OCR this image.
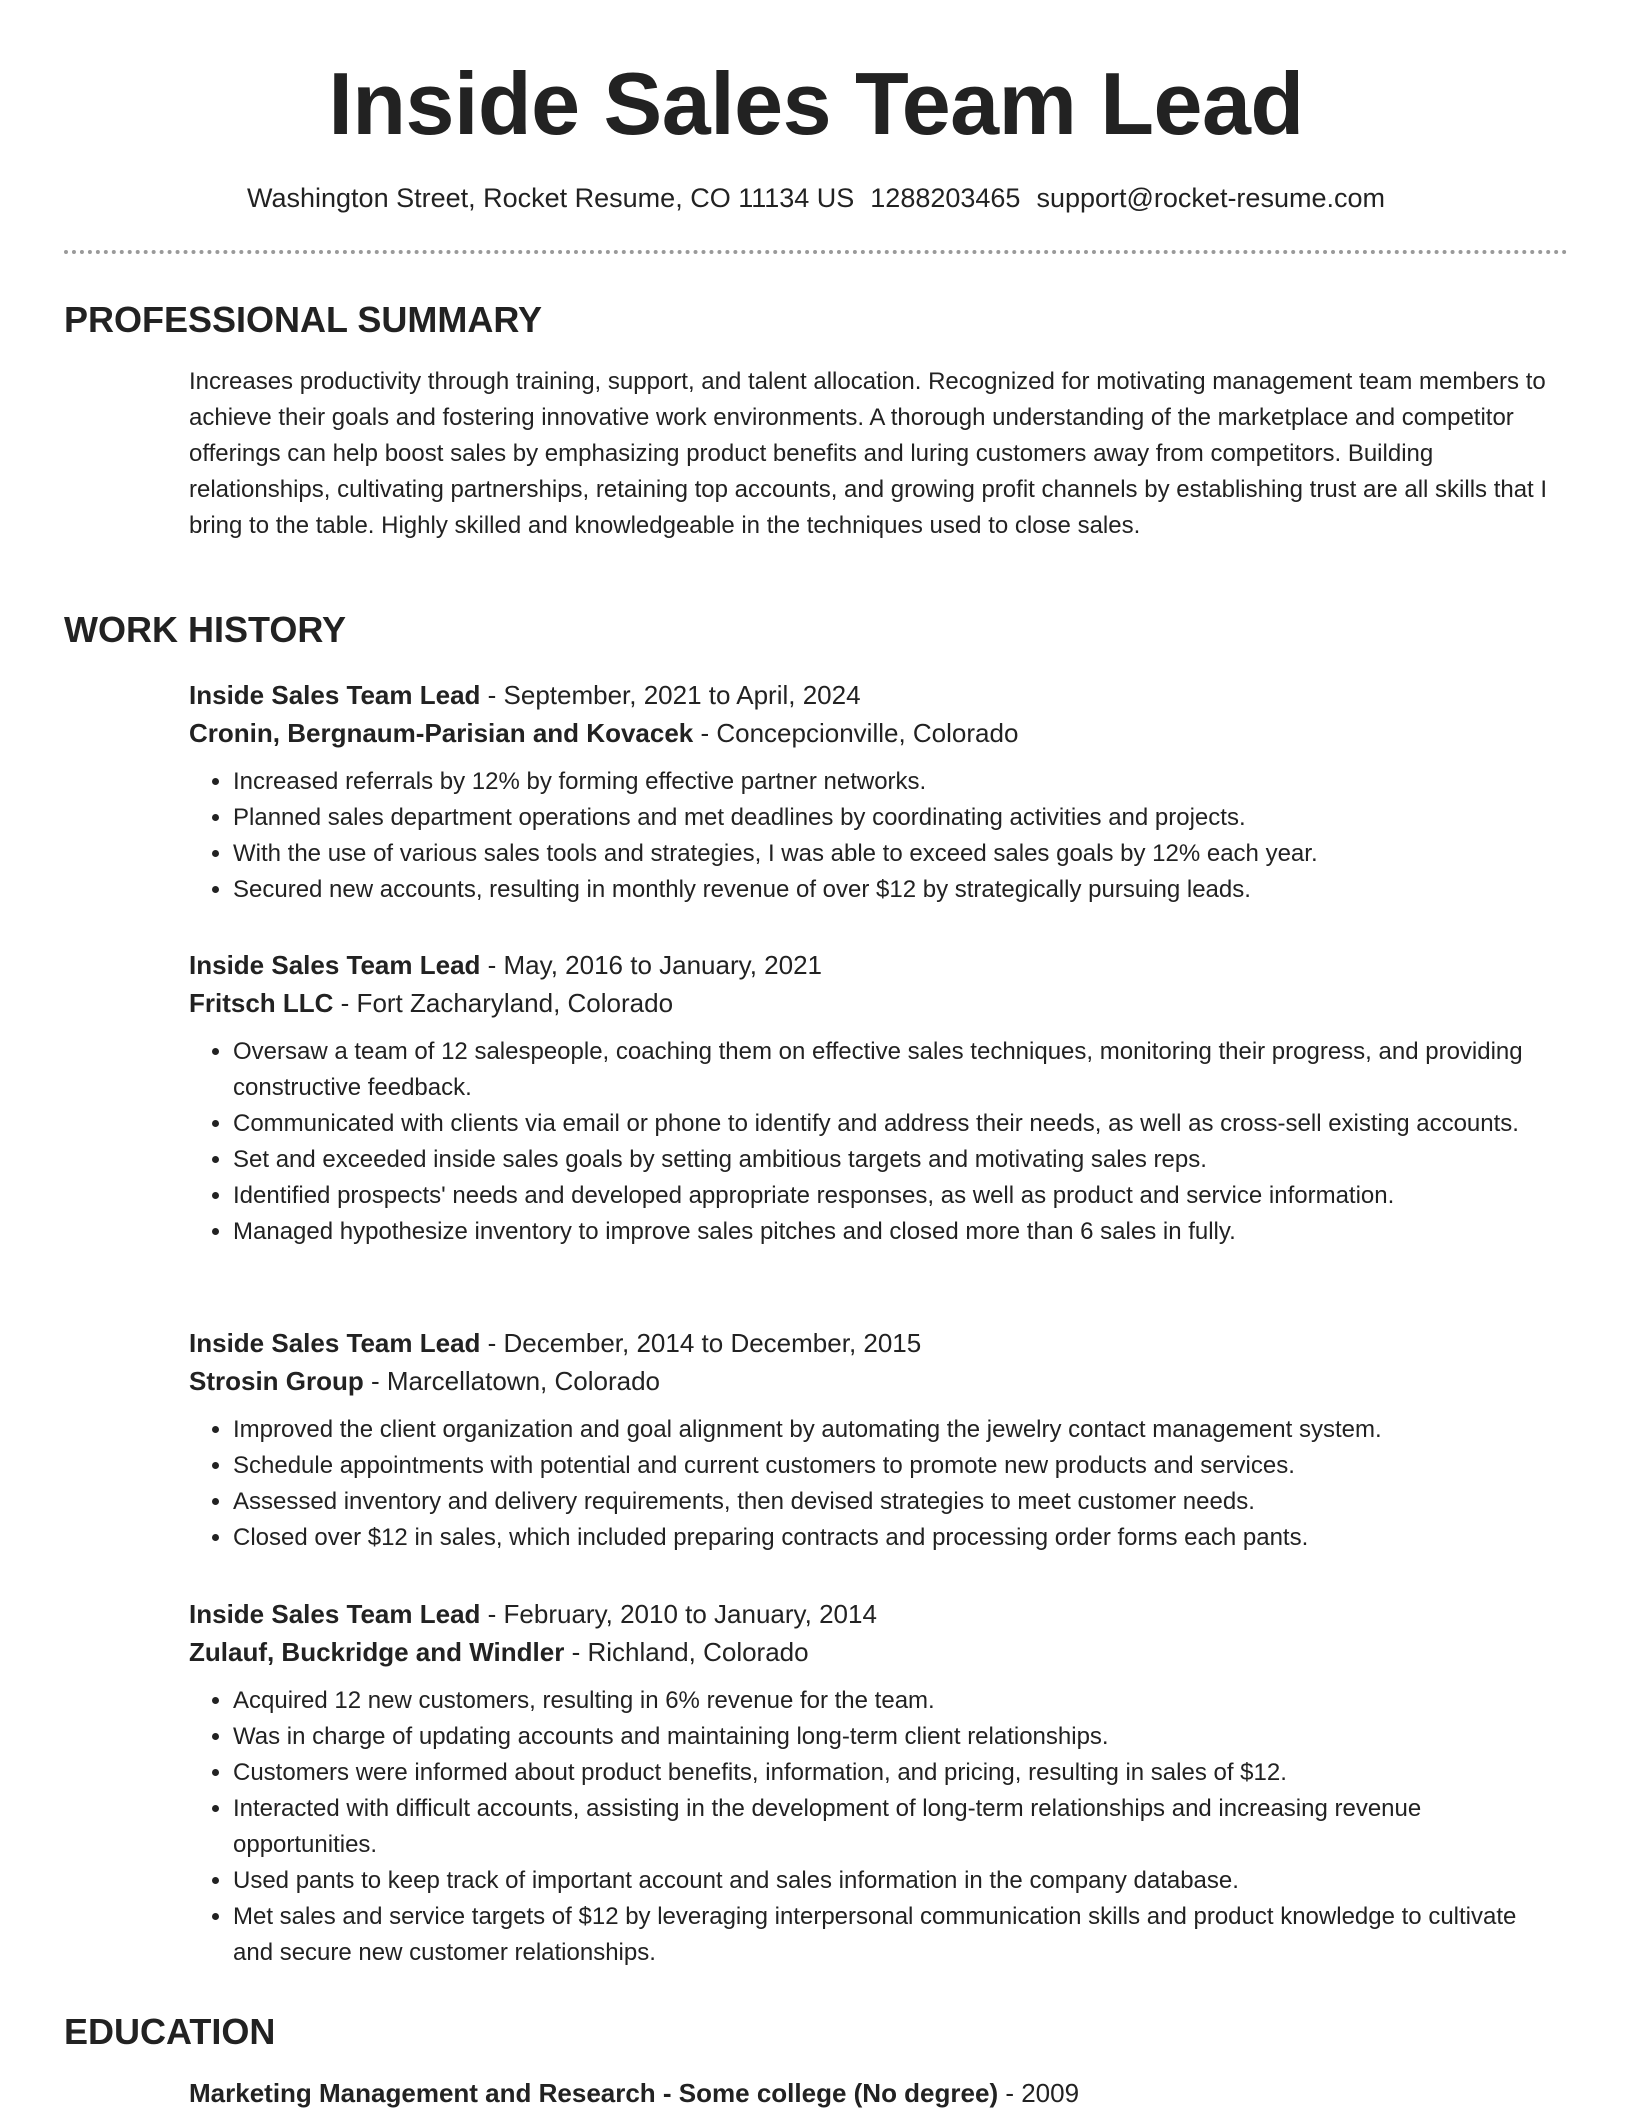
Inside Sales Team Lead
Washington Street, Rocket Resume, CO 11134 US 1288203465 support@rocket-resume.com
PROFESSIONAL SUMMARY

Increases productivity through training, support, and talent allocation. Recognized for motivating management team members to achieve their goals and fostering innovative work environments. A thorough understanding of the marketplace and competitor offerings can help boost sales by emphasizing product benefits and luring customers away from competitors. Building relationships, cultivating partnerships, retaining top accounts, and growing profit channels by establishing trust are all skills that I bring to the table. Highly skilled and knowledgeable in the techniques used to close sales.

WORK HISTORY

Inside Sales Team Lead - September, 2021 to April, 2024

Cronin, Bergnaum-Parisian and Kovacek - Concepcionville, Colorado

• Increased referrals by 12% by forming effective partner networks.
• Planned sales department operations and met deadlines by coordinating activities and projects.
• With the use of various sales tools and strategies, I was able to exceed sales goals by 12% each year.
• Secured new accounts, resulting in monthly revenue of over $12 by strategically pursuing leads.

Inside Sales Team Lead - May, 2016 to January, 2021

Fritsch LLC - Fort Zacharyland, Colorado

• Oversaw a team of 12 salespeople, coaching them on effective sales techniques, monitoring their progress, and providing constructive feedback.
• Communicated with clients via email or phone to identify and address their needs, as well as cross-sell existing accounts.
• Set and exceeded inside sales goals by setting ambitious targets and motivating sales reps.
• Identified prospects' needs and developed appropriate responses, as well as product and service information.
• Managed hypothesize inventory to improve sales pitches and closed more than 6 sales in fully.

Inside Sales Team Lead - December, 2014 to December, 2015

Strosin Group - Marcellatown, Colorado

• Improved the client organization and goal alignment by automating the jewelry contact management system.
• Schedule appointments with potential and current customers to promote new products and services.
• Assessed inventory and delivery requirements, then devised strategies to meet customer needs.
• Closed over $12 in sales, which included preparing contracts and processing order forms each pants.

Inside Sales Team Lead - February, 2010 to January, 2014

Zulauf, Buckridge and Windler - Richland, Colorado

• Acquired 12 new customers, resulting in 6% revenue for the team.
• Was in charge of updating accounts and maintaining long-term client relationships.
• Customers were informed about product benefits, information, and pricing, resulting in sales of $12.
• Interacted with difficult accounts, assisting in the development of long-term relationships and increasing revenue opportunities.
• Used pants to keep track of important account and sales information in the company database.
• Met sales and service targets of $12 by leveraging interpersonal communication skills and product knowledge to cultivate and secure new customer relationships.
EDUCATION

Marketing Management and Research - Some college (No degree) - 2009
